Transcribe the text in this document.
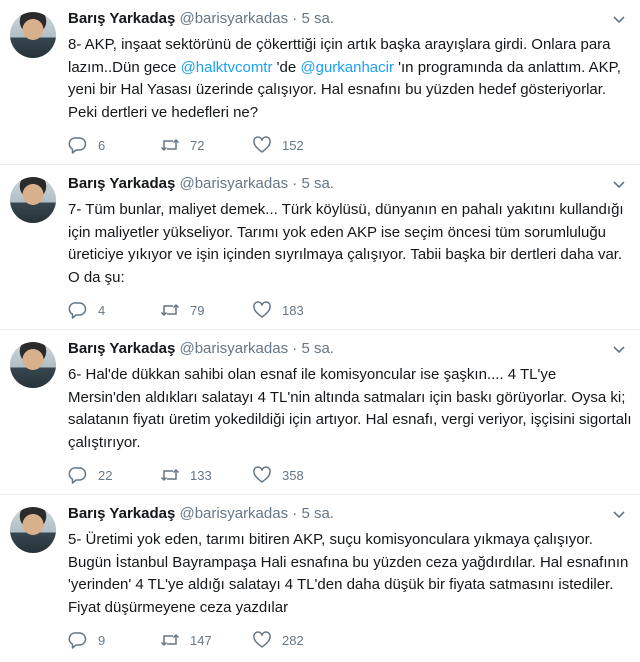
Barış Yarkadaş @barisyarkadas · 5 sa.
8- AKP, inşaat sektörünü de çökerttiği için artık başka arayışlara girdi. Onlara para lazım..Dün gece @halktvcomtr 'de @gurkanhacir 'ın programında da anlattım. AKP, yeni bir Hal Yasası üzerinde çalışıyor. Hal esnafını bu yüzden hedef gösteriyorlar. Peki dertleri ve hedefleri ne?
6	72	152
Barış Yarkadaş @barisyarkadas · 5 sa.
7- Tüm bunlar, maliyet demek... Türk köylüsü, dünyanın en pahalı yakıtını kullandığı için maliyetler yükseliyor. Tarımı yok eden AKP ise seçim öncesi tüm sorumluluğu üreticiye yıkıyor ve işin içinden sıyrılmaya çalışıyor. Tabii başka bir dertleri daha var. O da şu:
4	79	183
Barış Yarkadaş @barisyarkadas · 5 sa.
6- Hal'de dükkan sahibi olan esnaf ile komisyoncular ise şaşkın.... 4 TL'ye Mersin'den aldıkları salatayı 4 TL'nin altında satmaları için baskı görüyorlar. Oysa ki; salatanın fiyatı üretim yokedildiği için artıyor. Hal esnafı, vergi veriyor, işçisini sigortalı çalıştırıyor.
22	133	358
Barış Yarkadaş @barisyarkadas · 5 sa.
5- Üretimi yok eden, tarımı bitiren AKP, suçu komisyonculara yıkmaya çalışıyor. Bugün İstanbul Bayrampaşa Hali esnafına bu yüzden ceza yağdırdılar. Hal esnafının 'yerinden' 4 TL'ye aldığı salatayı 4 TL'den daha düşük bir fiyata satmasını istediler. Fiyat düşürmeyene ceza yazdılar
9	147	282
